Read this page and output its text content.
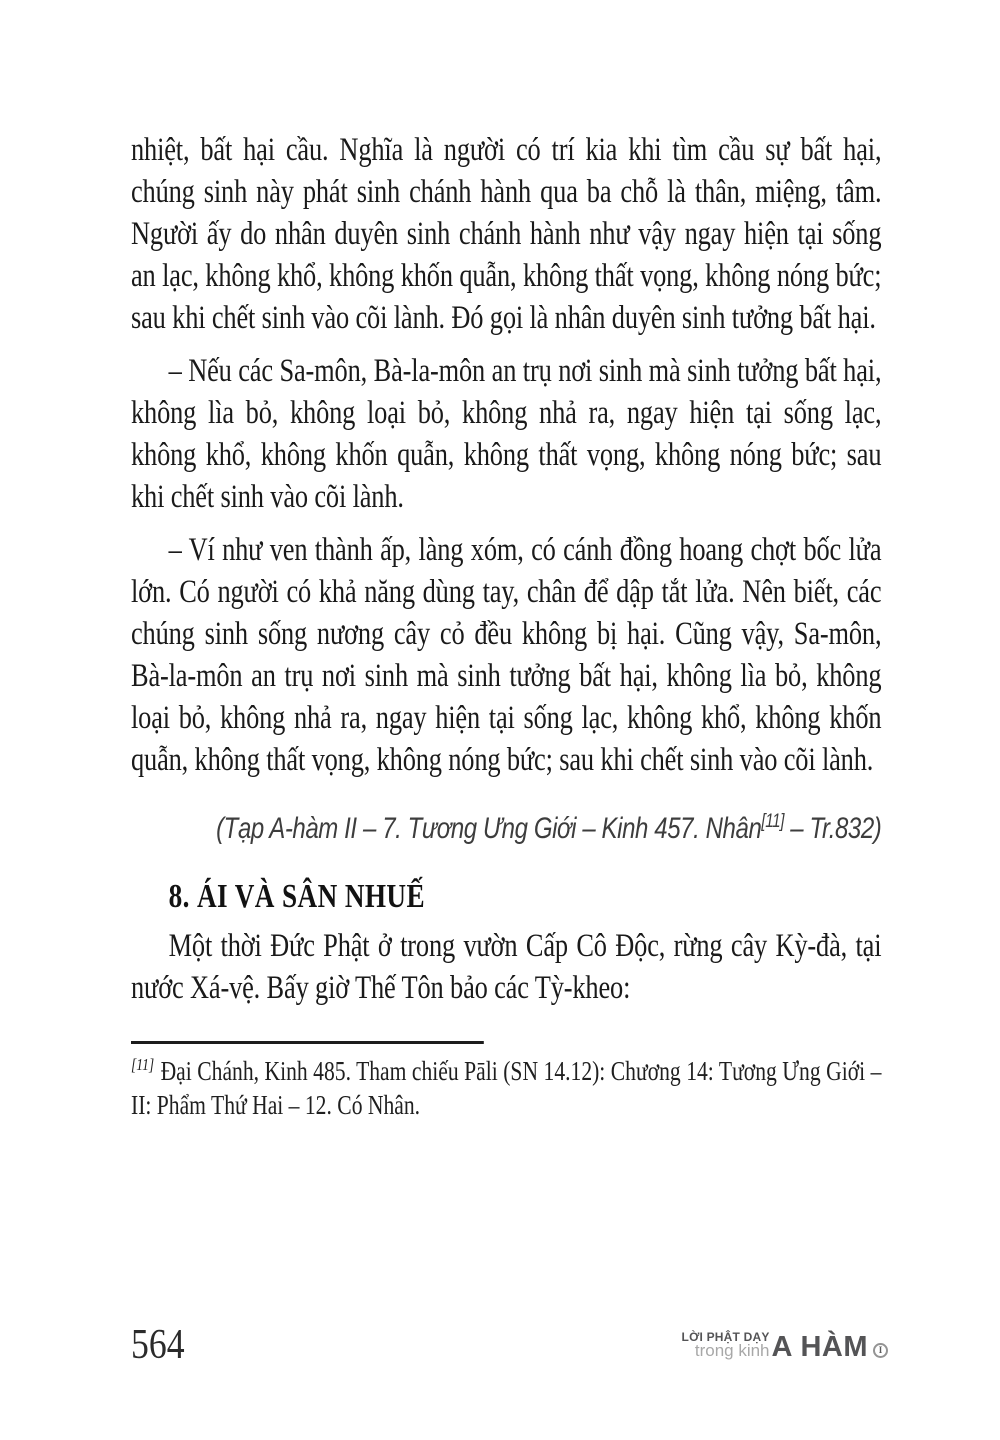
nhiệt, bất hại cầu. Nghĩa là người có trí kia khi tìm cầu sự bất hại, chúng sinh này phát sinh chánh hành qua ba chỗ là thân, miệng, tâm. Người ấy do nhân duyên sinh chánh hành như vậy ngay hiện tại sống an lạc, không khổ, không khốn quẫn, không thất vọng, không nóng bức; sau khi chết sinh vào cõi lành. Đó gọi là nhân duyên sinh tưởng bất hại.

– Nếu các Sa-môn, Bà-la-môn an trụ nơi sinh mà sinh tưởng bất hại, không lìa bỏ, không loại bỏ, không nhả ra, ngay hiện tại sống lạc, không khổ, không khốn quẫn, không thất vọng, không nóng bức; sau khi chết sinh vào cõi lành.

– Ví như ven thành ấp, làng xóm, có cánh đồng hoang chợt bốc lửa lớn. Có người có khả năng dùng tay, chân để dập tắt lửa. Nên biết, các chúng sinh sống nương cây cỏ đều không bị hại. Cũng vậy, Sa-môn, Bà-la-môn an trụ nơi sinh mà sinh tưởng bất hại, không lìa bỏ, không loại bỏ, không nhả ra, ngay hiện tại sống lạc, không khổ, không khốn quẫn, không thất vọng, không nóng bức; sau khi chết sinh vào cõi lành.

(Tạp A-hàm II – 7. Tương Ưng Giới – Kinh 457. Nhân[11] – Tr.832)

8. ÁI VÀ SÂN NHUẾ

Một thời Đức Phật ở trong vườn Cấp Cô Độc, rừng cây Kỳ-đà, tại nước Xá-vệ. Bấy giờ Thế Tôn bảo các Tỳ-kheo:

[11] Đại Chánh, Kinh 485. Tham chiếu Pāli (SN 14.12): Chương 14: Tương Ưng Giới – II: Phẩm Thứ Hai – 12. Có Nhân.

564	LỜI PHẬT DẠY
trong kinh A HÀM I
